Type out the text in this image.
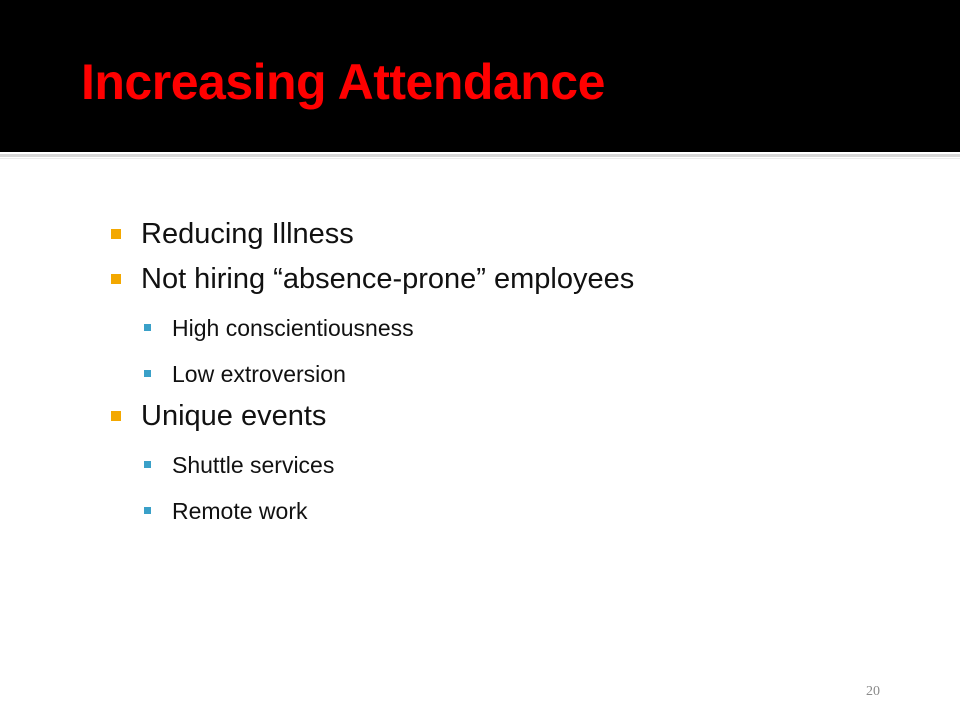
Increasing Attendance
Reducing Illness
Not hiring “absence-prone” employees
High conscientiousness
Low extroversion
Unique events
Shuttle services
Remote work
20
